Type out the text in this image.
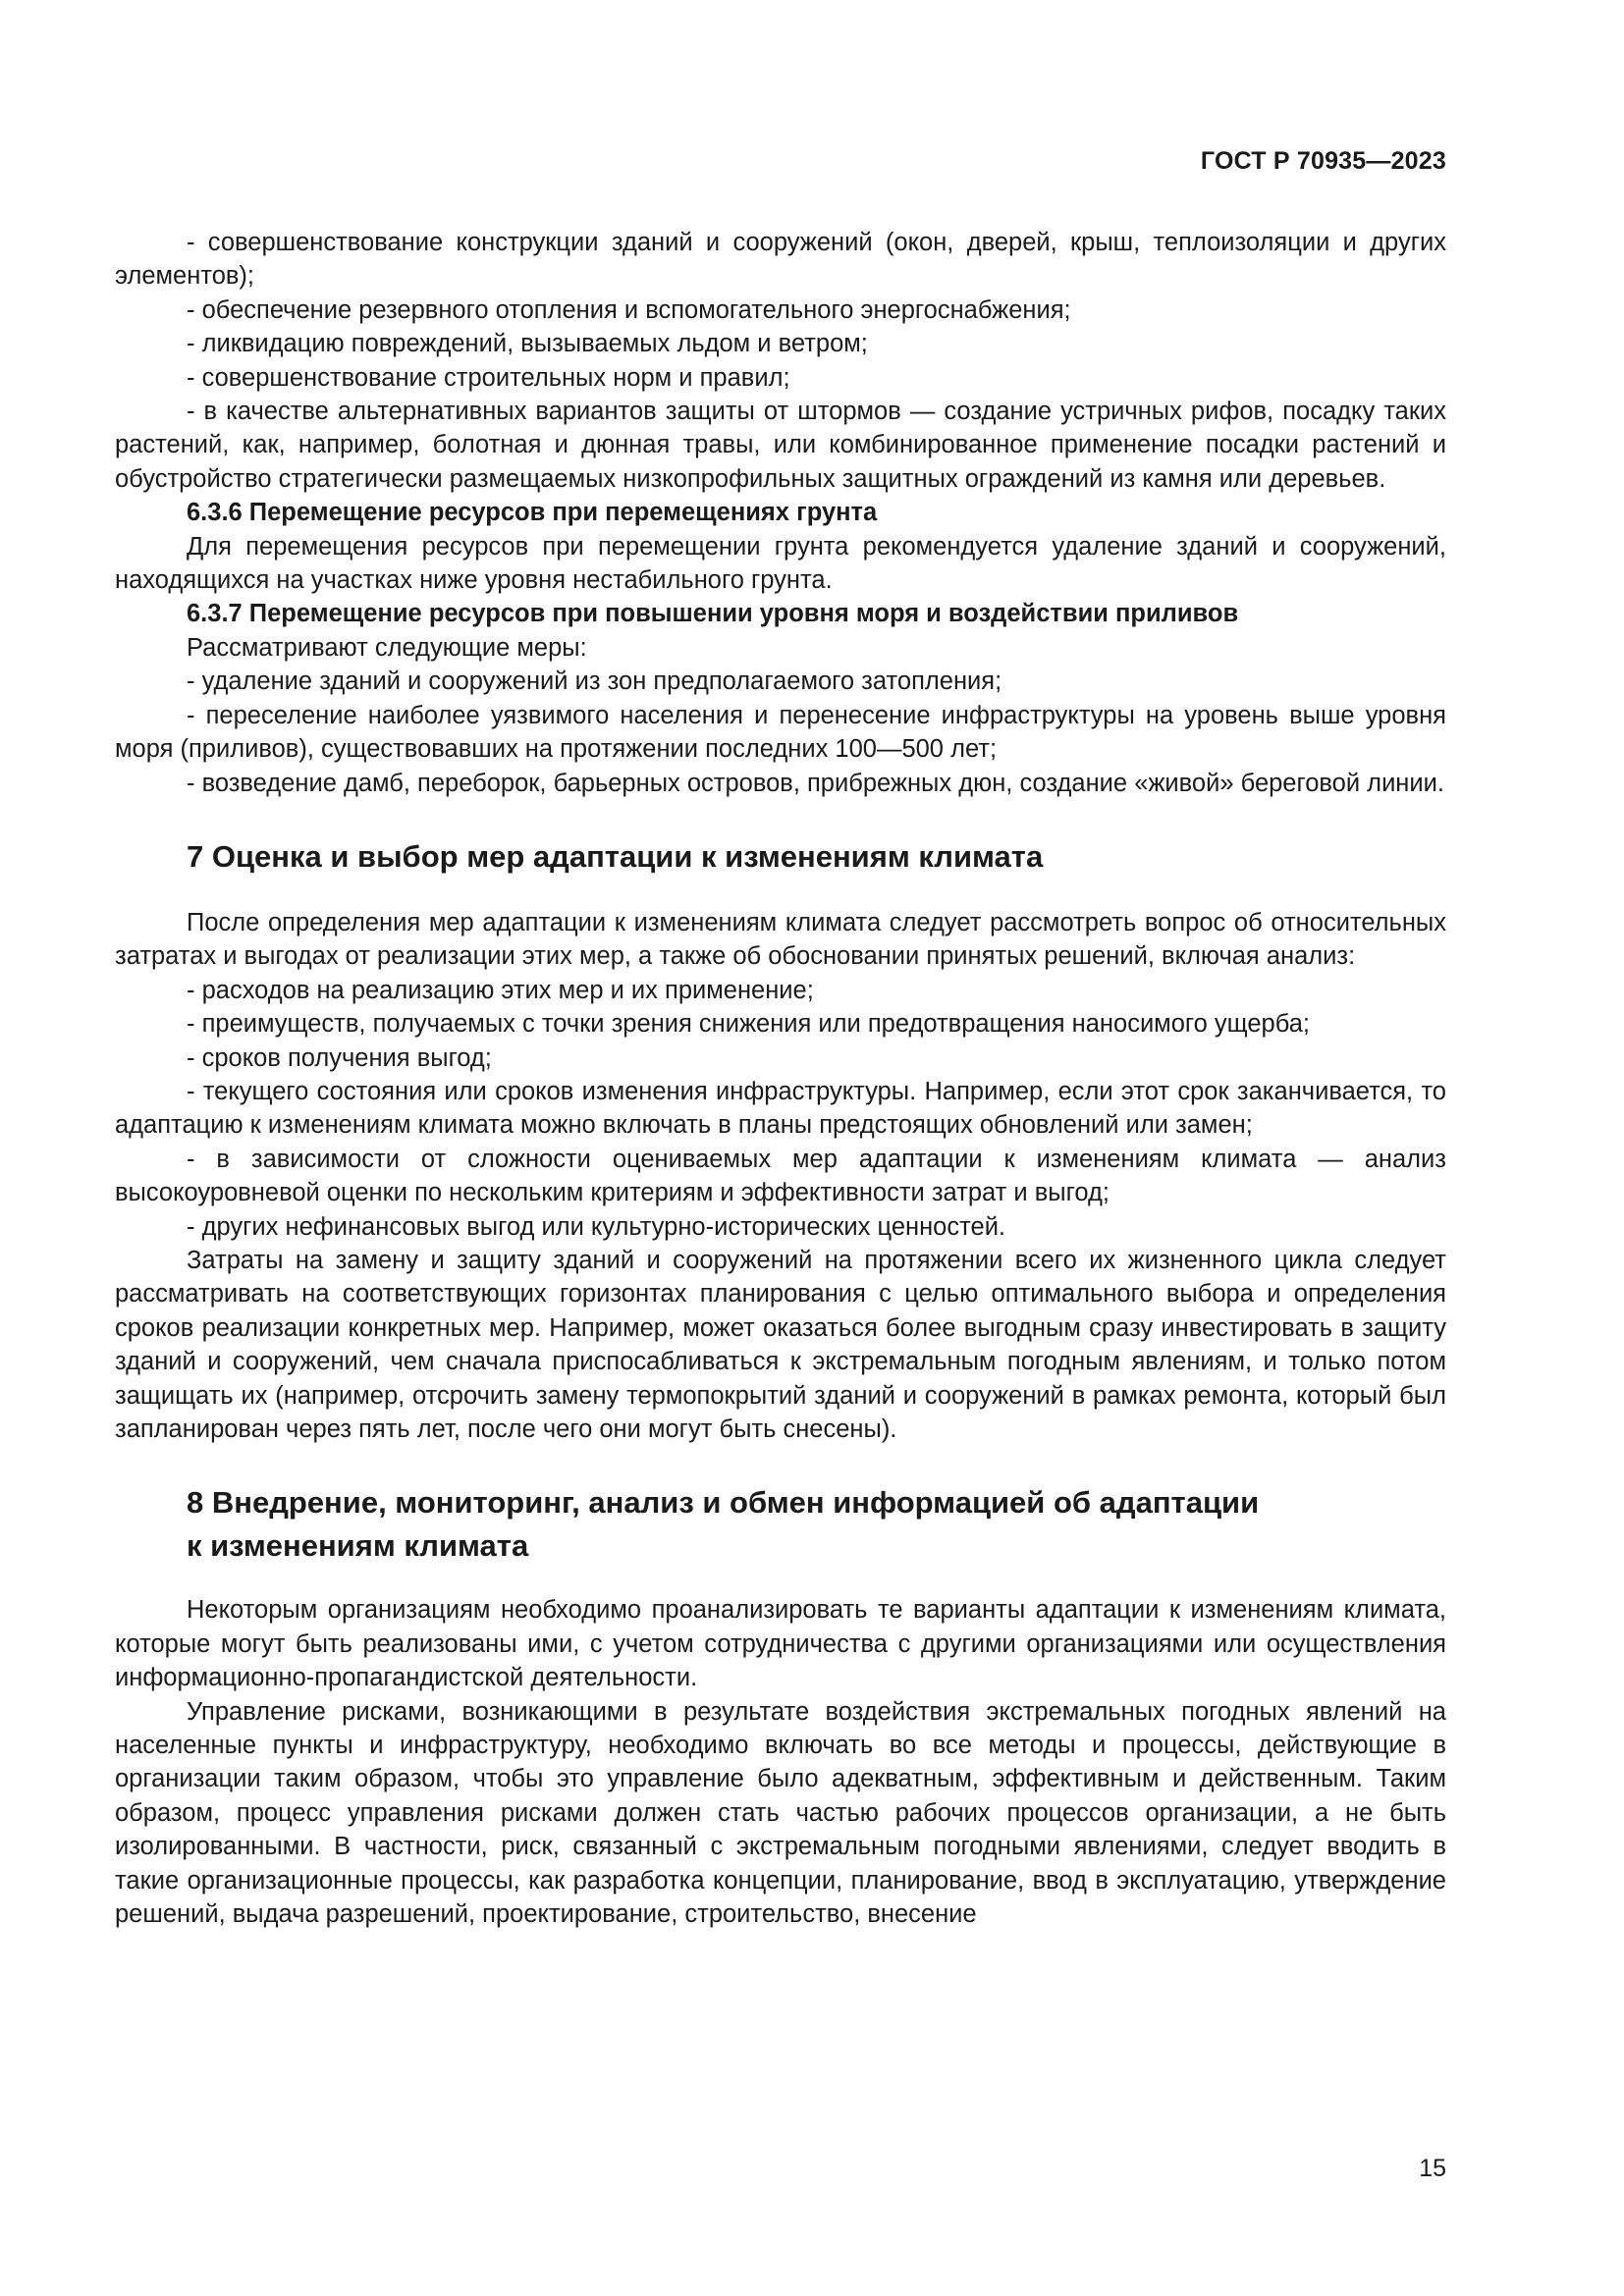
ГОСТ Р 70935—2023

- совершенствование конструкции зданий и сооружений (окон, дверей, крыш, теплоизоляции и других элементов);

- обеспечение резервного отопления и вспомогательного энергоснабжения;

- ликвидацию повреждений, вызываемых льдом и ветром;

- совершенствование строительных норм и правил;

- в качестве альтернативных вариантов защиты от штормов — создание устричных рифов, посадку таких растений, как, например, болотная и дюнная травы, или комбинированное применение посадки растений и обустройство стратегически размещаемых низкопрофильных защитных ограждений из камня или деревьев.

6.3.6 Перемещение ресурсов при перемещениях грунта

Для перемещения ресурсов при перемещении грунта рекомендуется удаление зданий и сооружений, находящихся на участках ниже уровня нестабильного грунта.

6.3.7 Перемещение ресурсов при повышении уровня моря и воздействии приливов

Рассматривают следующие меры:

- удаление зданий и сооружений из зон предполагаемого затопления;

- переселение наиболее уязвимого населения и перенесение инфраструктуры на уровень выше уровня моря (приливов), существовавших на протяжении последних 100—500 лет;

- возведение дамб, переборок, барьерных островов, прибрежных дюн, создание «живой» береговой линии.

7 Оценка и выбор мер адаптации к изменениям климата

После определения мер адаптации к изменениям климата следует рассмотреть вопрос об относительных затратах и выгодах от реализации этих мер, а также об обосновании принятых решений, включая анализ:

- расходов на реализацию этих мер и их применение;

- преимуществ, получаемых с точки зрения снижения или предотвращения наносимого ущерба;

- сроков получения выгод;

- текущего состояния или сроков изменения инфраструктуры. Например, если этот срок заканчивается, то адаптацию к изменениям климата можно включать в планы предстоящих обновлений или замен;

- в зависимости от сложности оцениваемых мер адаптации к изменениям климата — анализ высокоуровневой оценки по нескольким критериям и эффективности затрат и выгод;

- других нефинансовых выгод или культурно-исторических ценностей.

Затраты на замену и защиту зданий и сооружений на протяжении всего их жизненного цикла следует рассматривать на соответствующих горизонтах планирования с целью оптимального выбора и определения сроков реализации конкретных мер. Например, может оказаться более выгодным сразу инвестировать в защиту зданий и сооружений, чем сначала приспосабливаться к экстремальным погодным явлениям, и только потом защищать их (например, отсрочить замену термопокрытий зданий и сооружений в рамках ремонта, который был запланирован через пять лет, после чего они могут быть снесены).

8 Внедрение, мониторинг, анализ и обмен информацией об адаптации
к изменениям климата

Некоторым организациям необходимо проанализировать те варианты адаптации к изменениям климата, которые могут быть реализованы ими, с учетом сотрудничества с другими организациями или осуществления информационно-пропагандистской деятельности.

Управление рисками, возникающими в результате воздействия экстремальных погодных явлений на населенные пункты и инфраструктуру, необходимо включать во все методы и процессы, действующие в организации таким образом, чтобы это управление было адекватным, эффективным и действенным. Таким образом, процесс управления рисками должен стать частью рабочих процессов организации, а не быть изолированными. В частности, риск, связанный с экстремальным погодными явлениями, следует вводить в такие организационные процессы, как разработка концепции, планирование, ввод в эксплуатацию, утверждение решений, выдача разрешений, проектирование, строительство, внесение

15
